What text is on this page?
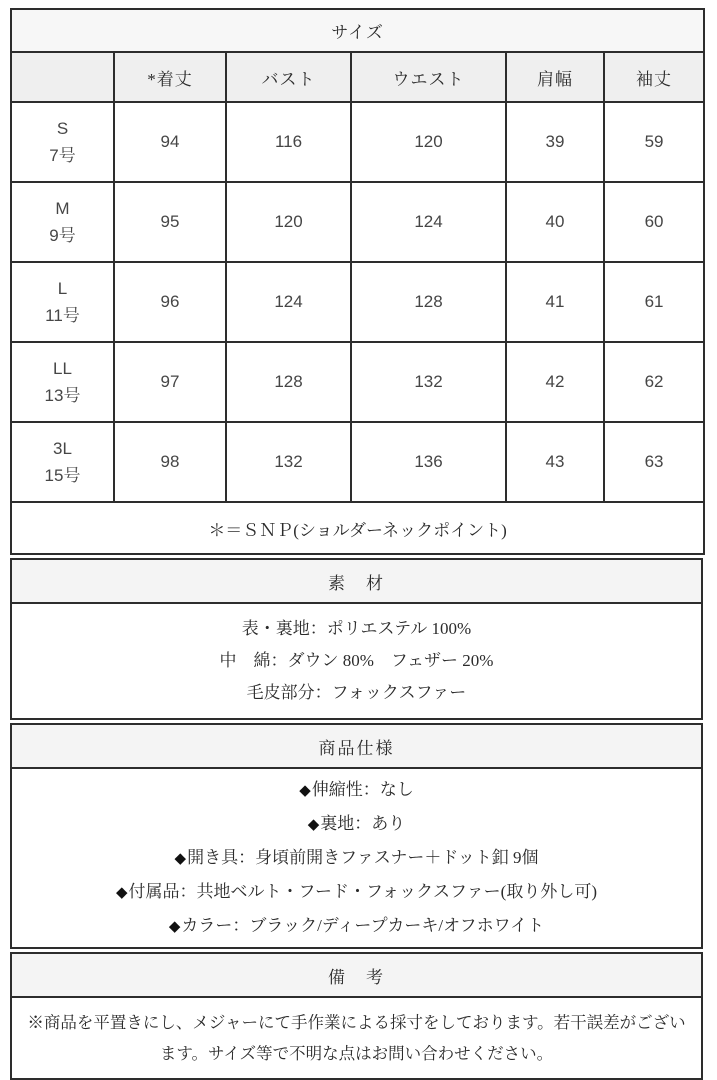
サイズ					
	*着丈	バスト	ウエスト	肩幅	袖丈

S
7号	94	116	120	39	59

M
9号	95	120	124	40	60

L
11号	96	124	128	41	61

LL
13号	97	128	132	42	62

3L
15号	98	132	136	43	63
＊＝ＳＮＰ(ショルダーネックポイント)					
素　材

表・裏地：ポリエステル 100%
中　綿：ダウン 80%　フェザー 20%
毛皮部分：フォックスファー
商品仕様

◆伸縮性：なし
◆裏地：あり
◆開き具：身頃前開きファスナー＋ドット釦 9個
◆付属品：共地ベルト・フード・フォックスファー(取り外し可)
◆カラー：ブラック/ディープカーキ/オフホワイト
備　考
※商品を平置きにし、メジャーにて手作業による採寸をしております。若干誤差がございます。サイズ等で不明な点はお問い合わせください。
